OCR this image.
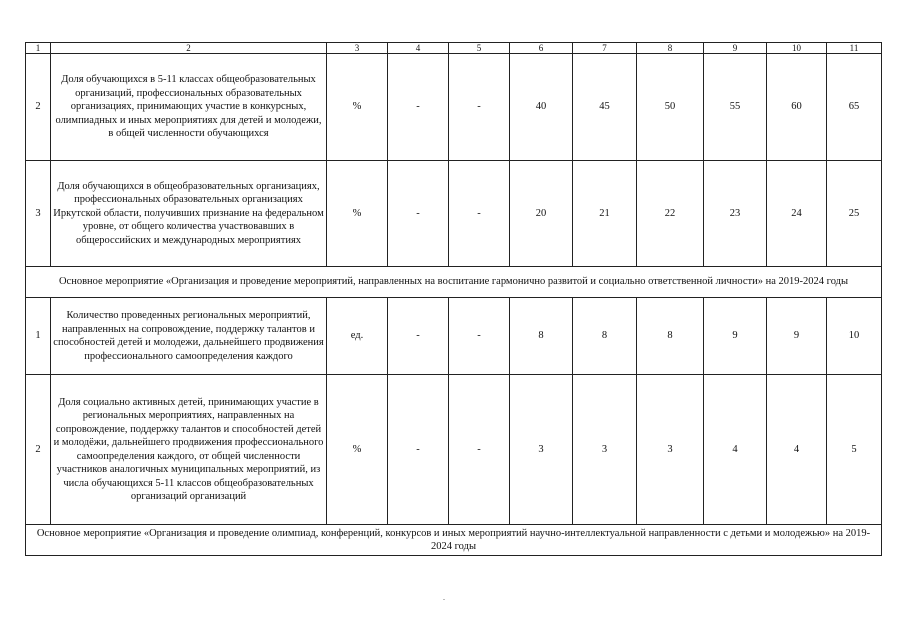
1	2	3	4	5	6	7	8	9	10	11
2	Доля обучающихся в 5-11 классах общеобразовательных организаций, профессиональных образовательных организациях, принимающих участие в конкурсных, олимпиадных и иных мероприятиях для детей и молодежи, в общей численности обучающихся	%	-	-	40	45	50	55	60	65
3	Доля обучающихся в общеобразовательных организациях, профессиональных образовательных организациях Иркутской области, получивших признание на федеральном уровне, от общего количества участвовавших в общероссийских и международных мероприятиях	%	-	-	20	21	22	23	24	25
Основное мероприятие «Организация и проведение мероприятий, направленных на воспитание гармонично развитой и социально ответственной личности» на 2019-2024 годы										
1	Количество проведенных региональных мероприятий, направленных на сопровождение, поддержку талантов и способностей детей и молодежи, дальнейшего продвижения профессионального самоопределения каждого	ед.	-	-	8	8	8	9	9	10
2	Доля социально активных детей, принимающих участие в региональных мероприятиях, направленных на сопровождение, поддержку талантов и способностей детей и молодёжи, дальнейшего продвижения профессионального самоопределения каждого, от общей численности участников аналогичных муниципальных мероприятий, из числа обучающихся 5-11 классов общеобразовательных организаций организаций	%	-	-	3	3	3	4	4	5
Основное мероприятие «Организация и проведение олимпиад, конференций, конкурсов и иных мероприятий научно-интеллектуальной направленности с детьми и молодежью» на 2019-2024 годы										
